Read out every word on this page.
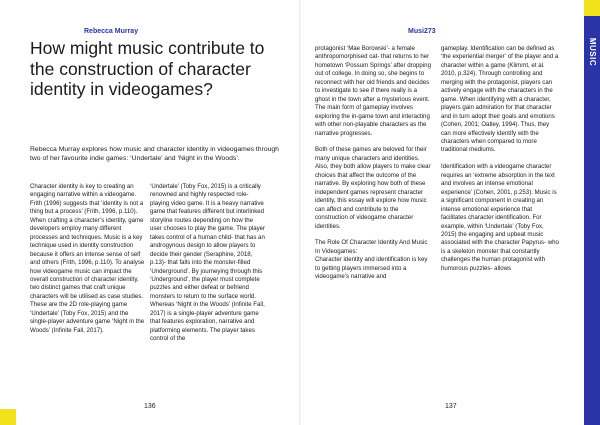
MUSIC
Rebecca Murray	Musi273
How might music contribute to the construction of character identity in videogames?
Rebecca Murray explores how music and character identity in videogames through two of her favourite indie games: ‘Undertale’ and ‘Night in the Woods’.

Character identity is key to creating an engaging narrative within a videogame. Frith (1996) suggests that ‘identity is not a thing but a process’ (Frith, 1996, p.110). When crafting a character’s identity, game developers employ many different processes and techniques. Music is a key technique used in identity construction because it offers an intense sense of self and others (Frith, 1996, p.110). To analyse how videogame music can impact the overall construction of character identity, two distinct games that craft unique characters will be utilised as case studies. These are the 2D role-playing game ‘Undertale’ (Toby Fox, 2015) and the single-player adventure game ‘Night in the Woods’ (Infinite Fall, 2017).

‘Undertale’ (Toby Fox, 2015) is a critically renowned and highly respected role-playing video game. It is a heavy narrative game that features different but interlinked storyline routes depending on how the user chooses to play the game. The player takes control of a human child- that has an androgynous design to allow players to decide their gender (Seraphine, 2018, p.13)- that falls into the monster-filled ‘Underground’. By journeying through this ‘Underground’, the player must complete puzzles and either defeat or befriend monsters to return to the surface world. Whereas ‘Night in the Woods’ (Infinite Fall, 2017) is a single-player adventure game that features exploration, narrative and platforming elements. The player takes control of the

protagonist ‘Mae Borowski’- a female anthropomorphised cat- that returns to her hometown ‘Possum Springs’ after dropping out of college. In doing so, she begins to reconnect with her old friends and decides to investigate to see if there really is a ghost in the town after a mysterious event. The main form of gameplay involves exploring the in-game town and interacting with other non-playable characters as the narrative progresses.

Both of these games are beloved for their many unique characters and identities. Also, they both allow players to make clear choices that affect the outcome of the narrative. By exploring how both of these independent games represent character identity, this essay will explore how music can affect and contribute to the construction of videogame character identities.

The Role Of Character Identity And Music In Videogames:
Character identity and identification is key to getting players immersed into a videogame’s narrative and

gameplay. Identification can be defined as ‘the experiential merger’ of the player and a character within a game (Klimmt, et al. 2010, p.324). Through controlling and merging with the protagonist, players can actively engage with the characters in the game. When identifying with a character, players gain admiration for that character and in turn adopt their goals and emotions (Cohen, 2001; Oatley, 1994). Thus, they can more effectively identify with the characters when compared to more traditional mediums.

Identification with a videogame character requires an ‘extreme absorption in the text and involves an intense emotional experience’ (Cohen, 2001, p.253). Music is a significant component in creating an intense emotional experience that facilitates character identification. For example, within ‘Undertale’ (Toby Fox, 2015) the engaging and upbeat music associated with the character Papyrus- who is a skeleton monster that constantly challenges the human protagonist with humorous puzzles- allows

136	137
